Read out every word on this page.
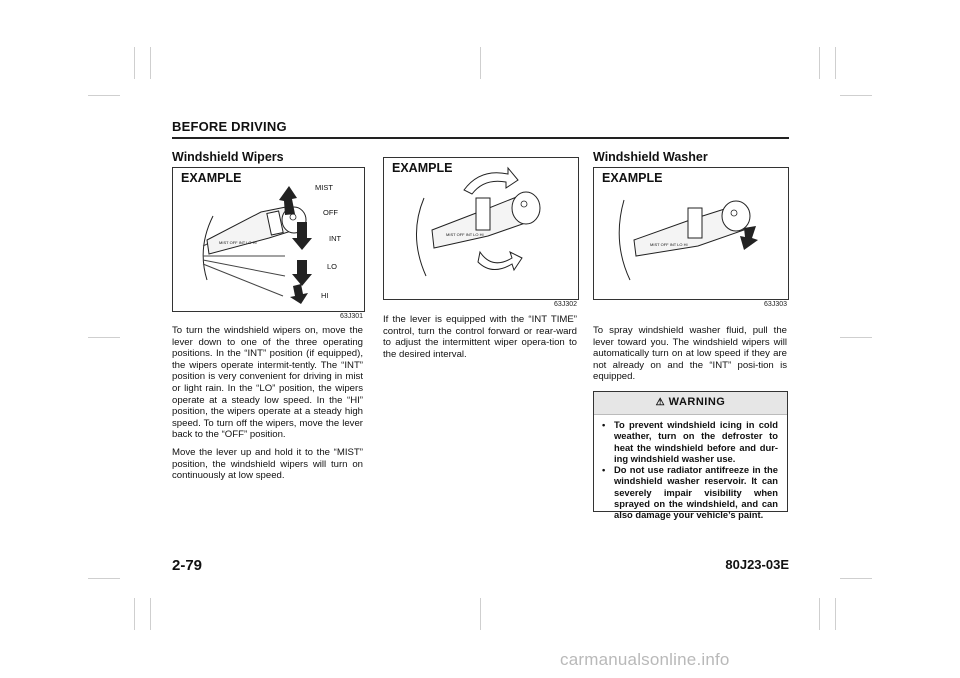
BEFORE DRIVING
Windshield Wipers
EXAMPLE
MIST OFF INT LO HI
MIST
OFF
INT
LO
HI
63J301

To turn the windshield wipers on, move the lever down to one of the three operating positions. In the “INT” position (if equipped), the wipers operate intermit-tently. The “INT” position is very convenient for driving in mist or light rain. In the “LO” position, the wipers operate at a steady low speed. In the “HI” position, the wipers operate at a steady high speed. To turn off the wipers, move the lever back to the “OFF” position.

Move the lever up and hold it to the “MIST” position, the windshield wipers will turn on continuously at low speed.

EXAMPLE
MIST OFF INT LO HI
63J302

If the lever is equipped with the “INT TIME” control, turn the control forward or rear-ward to adjust the intermittent wiper opera-tion to the desired interval.

Windshield Washer
EXAMPLE
MIST OFF INT LO HI
63J303

To spray windshield washer fluid, pull the lever toward you. The windshield wipers will automatically turn on at low speed if they are not already on and the “INT” posi-tion is equipped.

⚠ WARNING
• To prevent windshield icing in cold weather, turn on the defroster to heat the windshield before and dur-ing windshield washer use.
• Do not use radiator antifreeze in the windshield washer reservoir. It can severely impair visibility when sprayed on the windshield, and can also damage your vehicle’s paint.
2-79	80J23-03E
carmanualsonline.info
